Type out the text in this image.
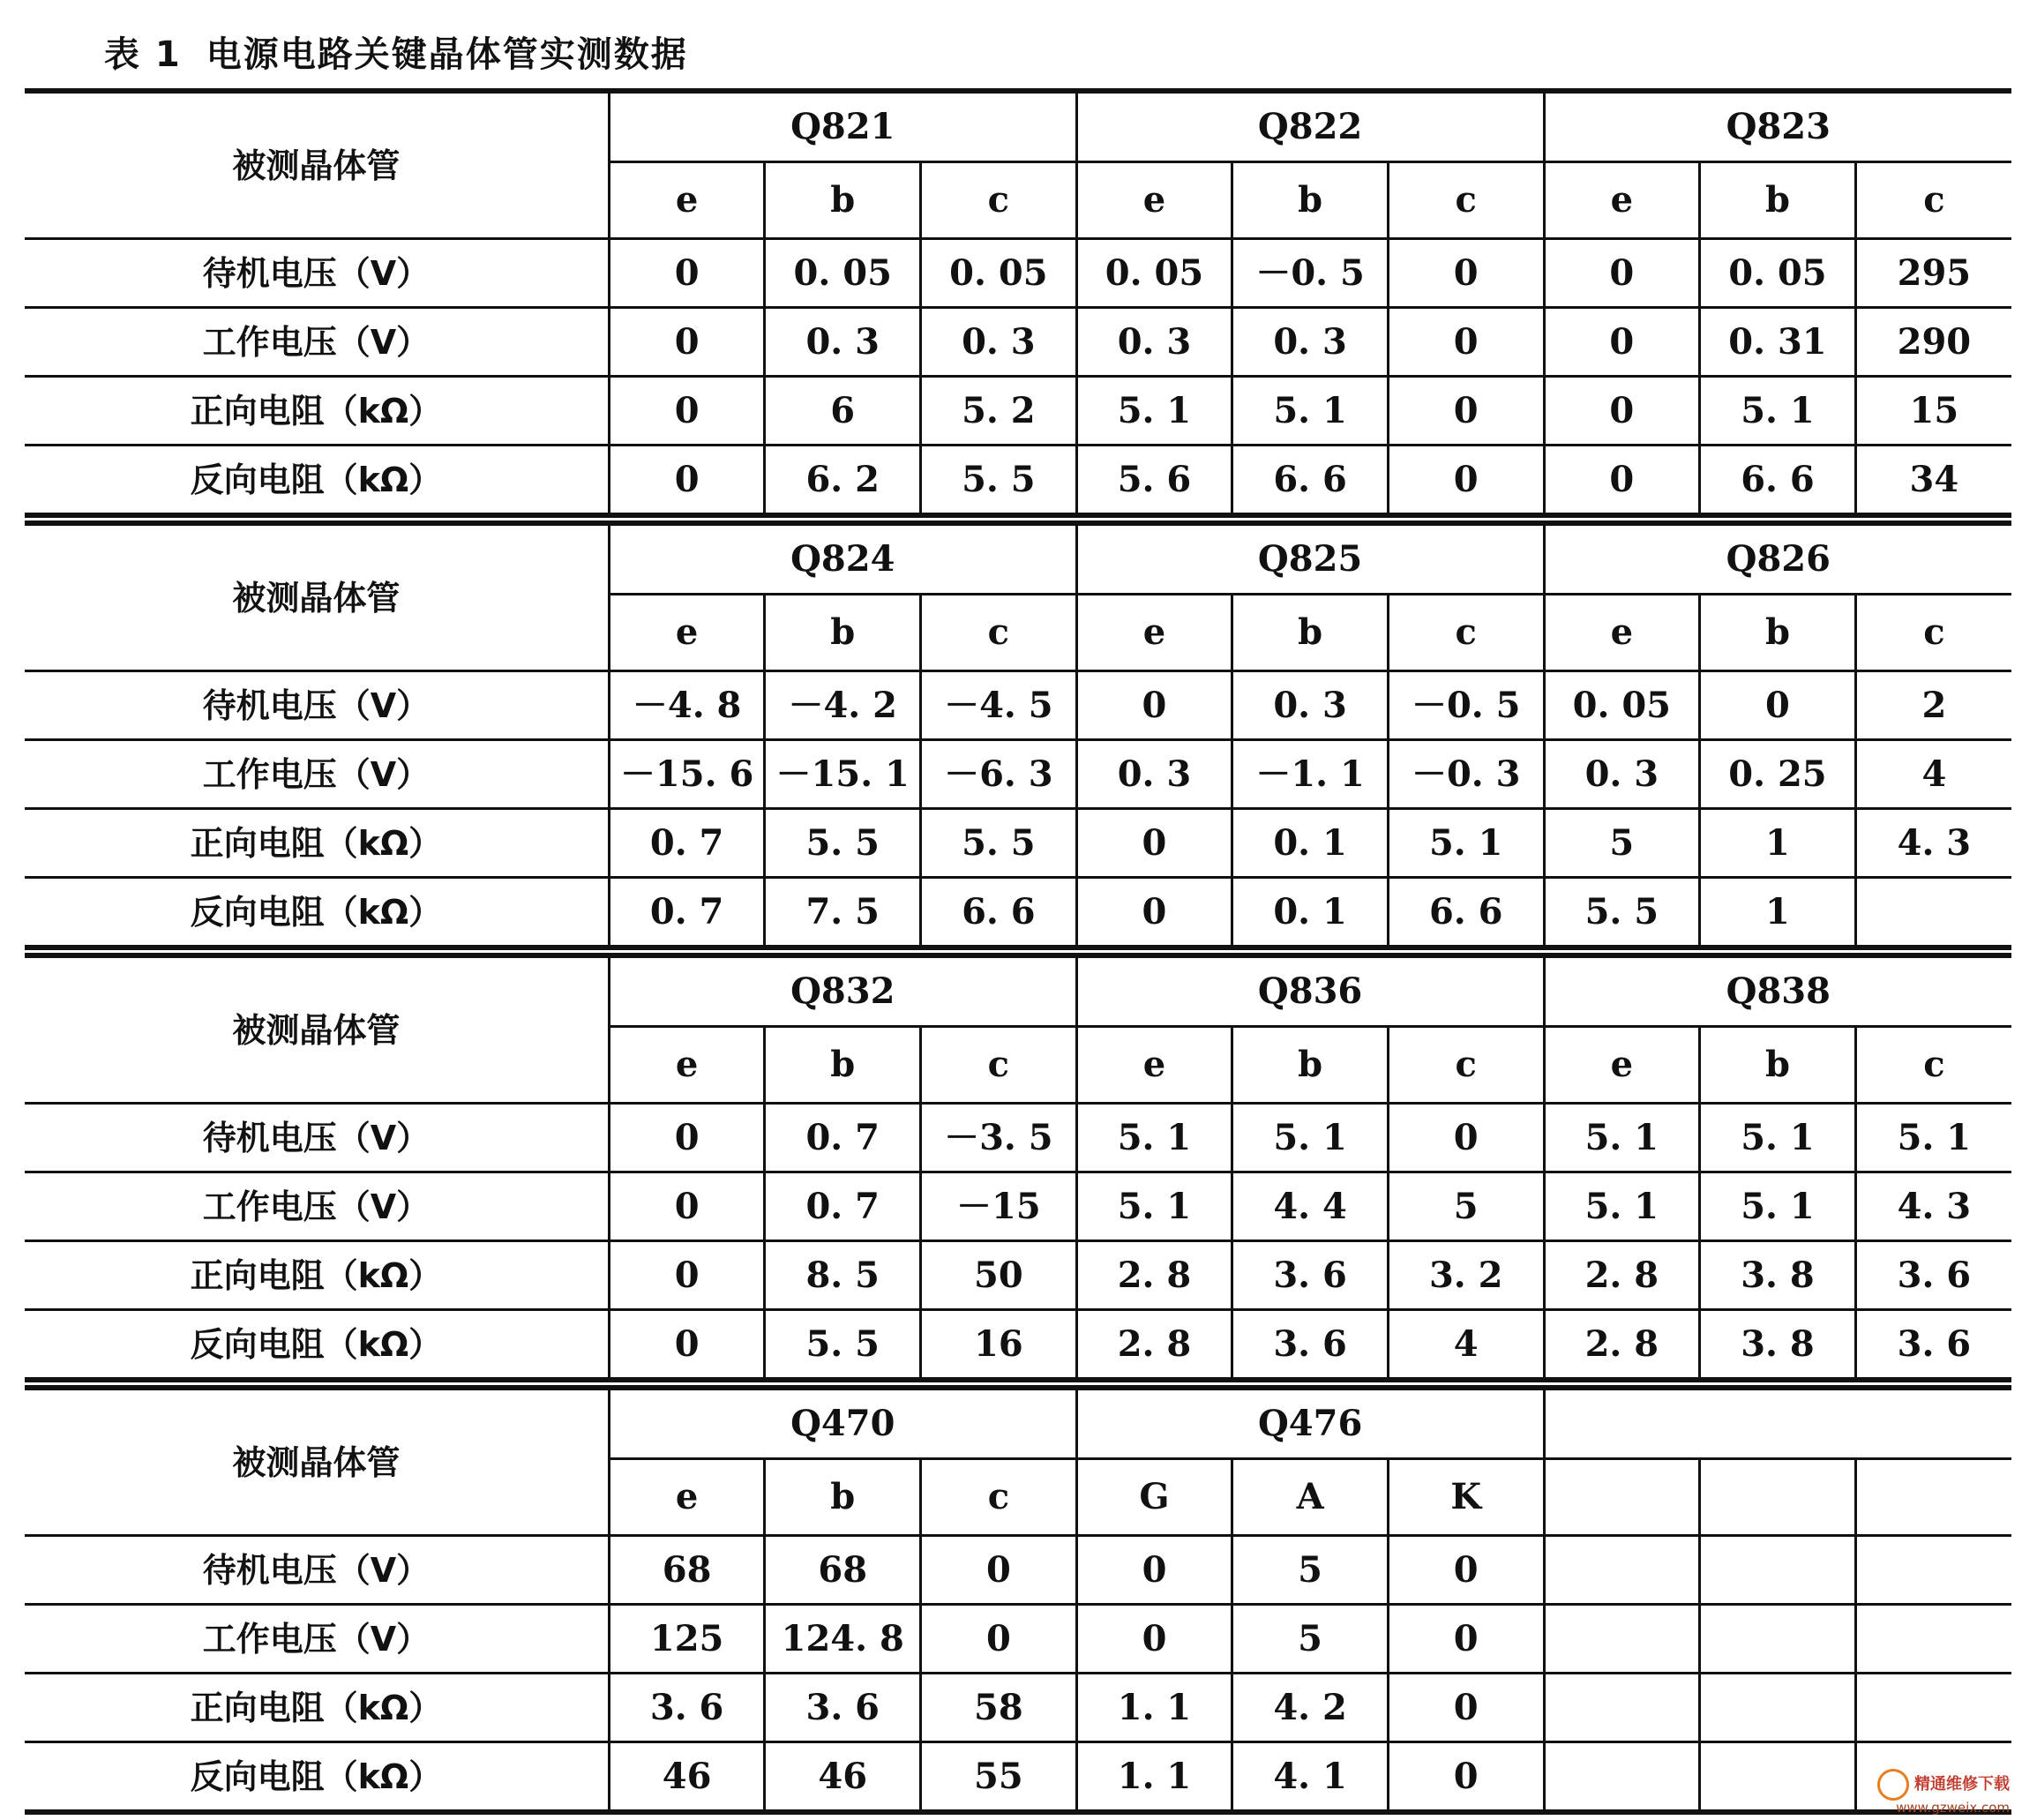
表 1 电源电路关键晶体管实测数据
被测晶体管	Q821			Q822			Q823		
	e	b	c	e	b	c	e	b	c
待机电压（V）	0	0. 05	0. 05	0. 05	－0. 5	0	0	0. 05	295
工作电压（V）	0	0. 3	0. 3	0. 3	0. 3	0	0	0. 31	290
正向电阻（kΩ）	0	6	5. 2	5. 1	5. 1	0	0	5. 1	15
反向电阻（kΩ）	0	6. 2	5. 5	5. 6	6. 6	0	0	6. 6	34
被测晶体管	Q824			Q825			Q826		
	e	b	c	e	b	c	e	b	c
待机电压（V）	－4. 8	－4. 2	－4. 5	0	0. 3	－0. 5	0. 05	0	2
工作电压（V）	－15. 6	－15. 1	－6. 3	0. 3	－1. 1	－0. 3	0. 3	0. 25	4
正向电阻（kΩ）	0. 7	5. 5	5. 5	0	0. 1	5. 1	5	1	4. 3
反向电阻（kΩ）	0. 7	7. 5	6. 6	0	0. 1	6. 6	5. 5	1	
被测晶体管	Q832			Q836			Q838		
	e	b	c	e	b	c	e	b	c
待机电压（V）	0	0. 7	－3. 5	5. 1	5. 1	0	5. 1	5. 1	5. 1
工作电压（V）	0	0. 7	－15	5. 1	4. 4	5	5. 1	5. 1	4. 3
正向电阻（kΩ）	0	8. 5	50	2. 8	3. 6	3. 2	2. 8	3. 8	3. 6
反向电阻（kΩ）	0	5. 5	16	2. 8	3. 6	4	2. 8	3. 8	3. 6
被测晶体管	Q470			Q476					
	e	b	c	G	A	K			
待机电压（V）	68	68	0	0	5	0			
工作电压（V）	125	124. 8	0	0	5	0			
正向电阻（kΩ）	3. 6	3. 6	58	1. 1	4. 2	0			
反向电阻（kΩ）	46	46	55	1. 1	4. 1	0				精通维修下载
www.gzweix.com
